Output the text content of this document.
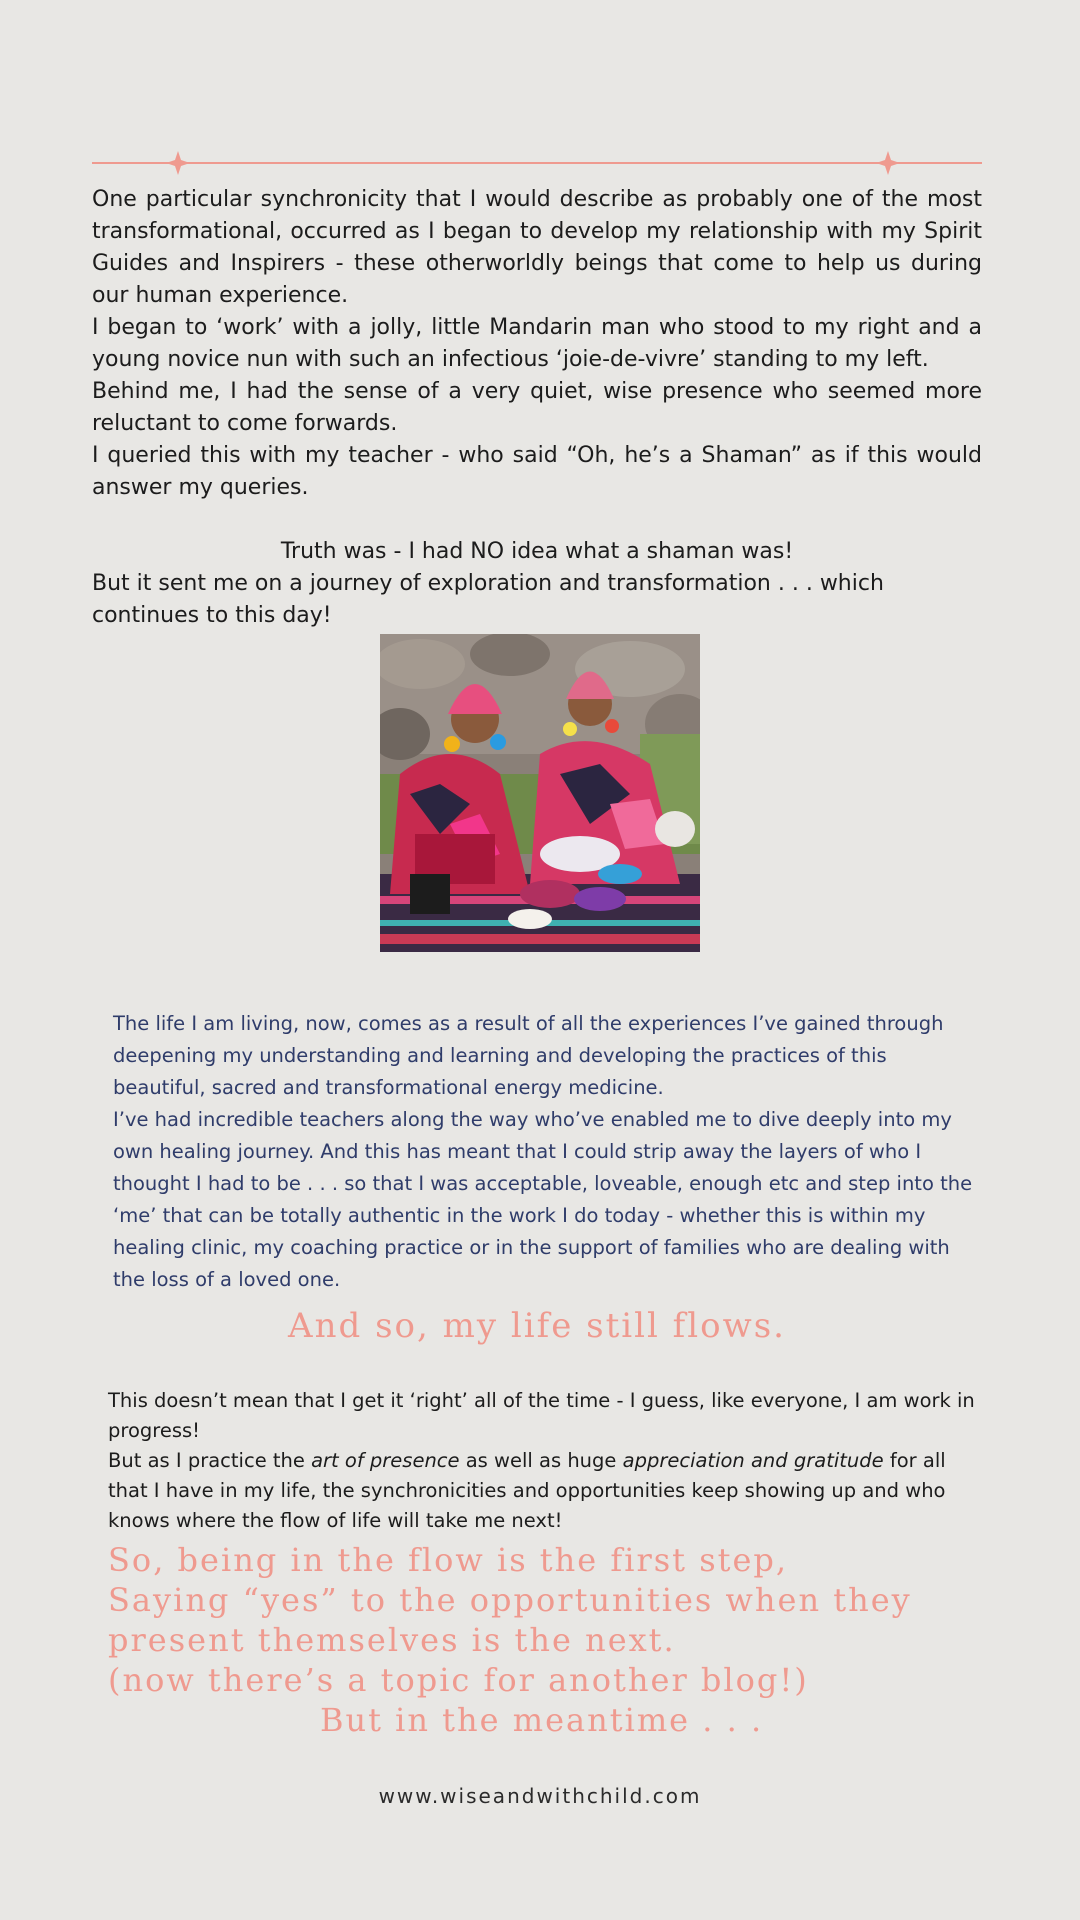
One particular synchronicity that I would describe as probably one of the most transformational, occurred as I began to develop my relationship with my Spirit Guides and Inspirers - these otherworldly beings that come to help us during our human experience.

I began to ‘work’ with a jolly, little Mandarin man who stood to my right and a young novice nun with such an infectious ‘joie-de-vivre’ standing to my left.

Behind me, I had the sense of a very quiet, wise presence who seemed more reluctant to come forwards.

I queried this with my teacher - who said “Oh, he’s a Shaman” as if this would answer my queries.

Truth was - I had NO idea what a shaman was!

But it sent me on a journey of exploration and transformation . . . which continues to this day!

The life I am living, now, comes as a result of all the experiences I’ve gained through deepening my understanding and learning and developing the practices of this beautiful, sacred and transformational energy medicine.

I’ve had incredible teachers along the way who’ve enabled me to dive deeply into my own healing journey. And this has meant that I could strip away the layers of who I thought I had to be . . . so that I was acceptable, loveable, enough etc and step into the ‘me’ that can be totally authentic in the work I do today - whether this is within my healing clinic, my coaching practice or in the support of families who are dealing with the loss of a loved one.

And so, my life still flows.

This doesn’t mean that I get it ‘right’ all of the time - I guess, like everyone, I am work in progress!

But as I practice the art of presence as well as huge appreciation and gratitude for all that I have in my life, the synchronicities and opportunities keep showing up and who knows where the flow of life will take me next!

So, being in the flow is the first step,

Saying “yes” to the opportunities when they

present themselves is the next.

(now there’s a topic for another blog!)

But in the meantime . . .

www.wiseandwithchild.com
